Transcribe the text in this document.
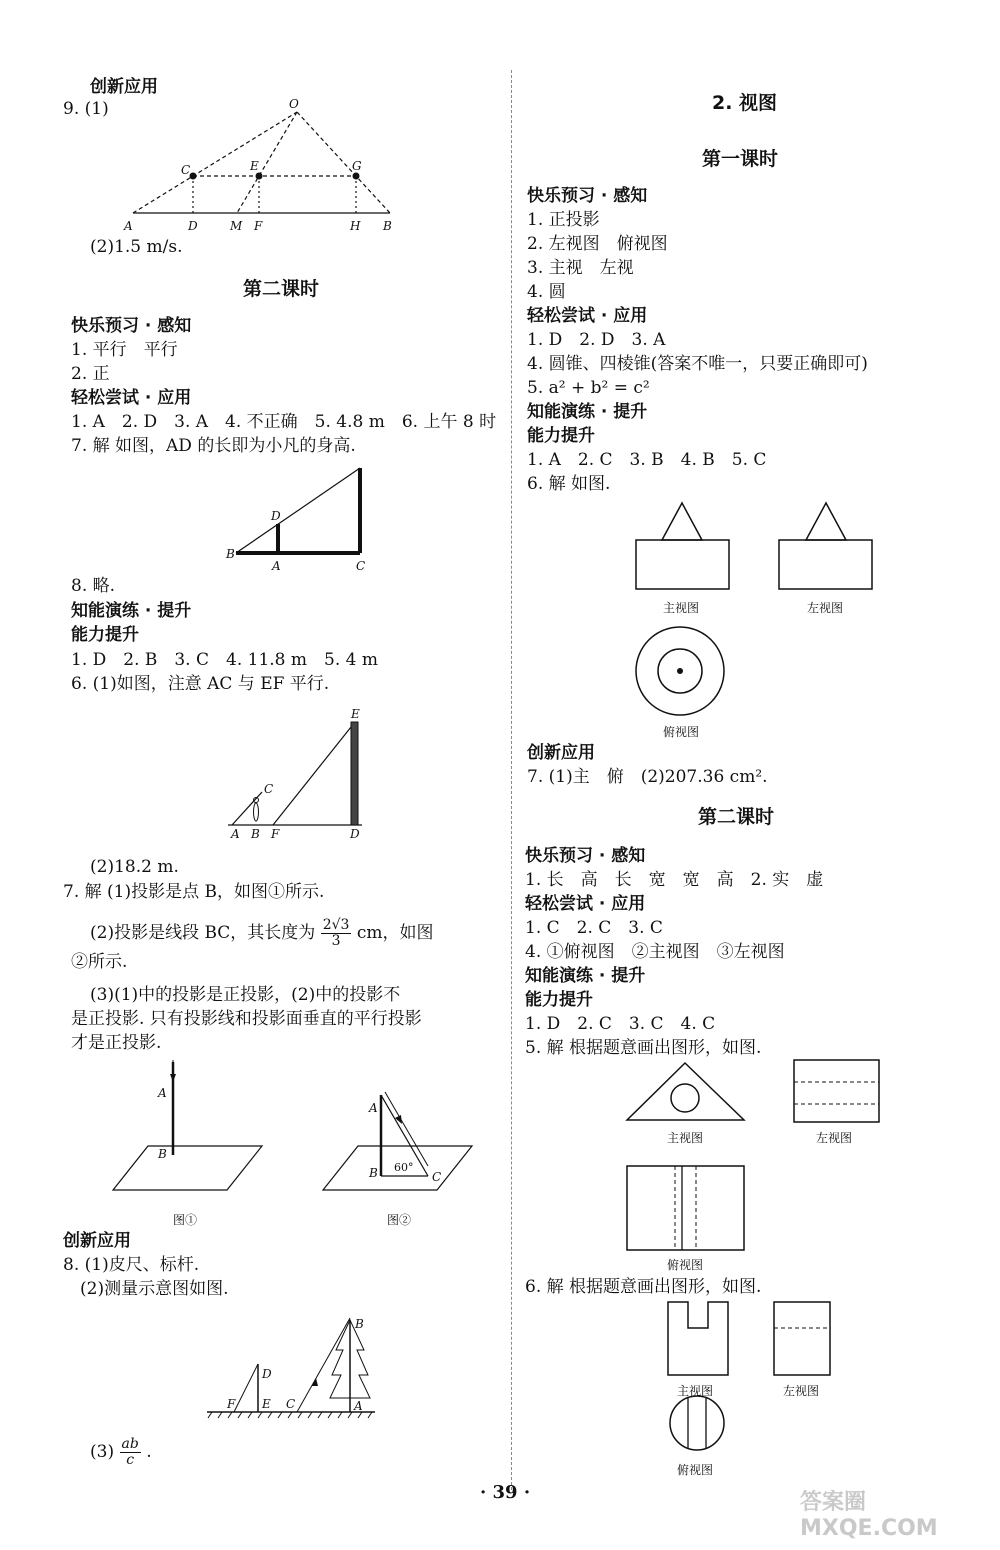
创新应用
9. (1)	O
C	E	G
A	D	M F	H B
(2)1.5 m/s.
第二课时
快乐预习 · 感知
1. 平行　平行
2. 正
轻松尝试 · 应用
1. A　2. D　3. A　4. 不正确　5. 4.8 m　6. 上午 8 时
7. 解 如图，AD 的长即为小凡的身高.
D
B
A	C
8. 略.
知能演练 · 提升
能力提升
1. D　2. B　3. C　4. 11.8 m　5. 4 m
6. (1)如图，注意 AC 与 EF 平行.
E
C
A B F	D
(2)18.2 m.
7. 解 (1)投影是点 B，如图①所示.
(2)投影是线段 BC，其长度为 $\frac{2√3}{3}$ cm，如图
②所示.
(3)(1)中的投影是正投影，(2)中的投影不
是正投影. 只有投影线和投影面垂直的平行投影
才是正投影.
A
B
图①
A
B	C
60°
图②
创新应用
8. (1)皮尺、标杆.
(2)测量示意图如图.
B
D
F E C	A
$(3) \frac{ab}{c}$ .
2. 视图
第一课时
快乐预习 · 感知
1. 正投影
2. 左视图　俯视图
3. 主视　左视
4. 圆
轻松尝试 · 应用
1. D　2. D　3. A
4. 圆锥、四棱锥(答案不唯一，只要正确即可)
5. a² + b² = c²
知能演练 · 提升
能力提升
1. A　2. C　3. B　4. B　5. C
6. 解 如图.
主视图	左视图
俯视图
创新应用
7. (1)主　俯　(2)207.36 cm².
第二课时
快乐预习 · 感知
1. 长　高　长　宽　宽　高　2. 实　虚
轻松尝试 · 应用
1. C　2. C　3. C
4. ①俯视图　②主视图　③左视图
知能演练 · 提升
能力提升
1. D　2. C　3. C　4. C
5. 解 根据题意画出图形，如图.
主视图	左视图
俯视图
6. 解 根据题意画出图形，如图.
主视图	左视图
俯视图
· 39 ·	答案圈 MXQE.COM
